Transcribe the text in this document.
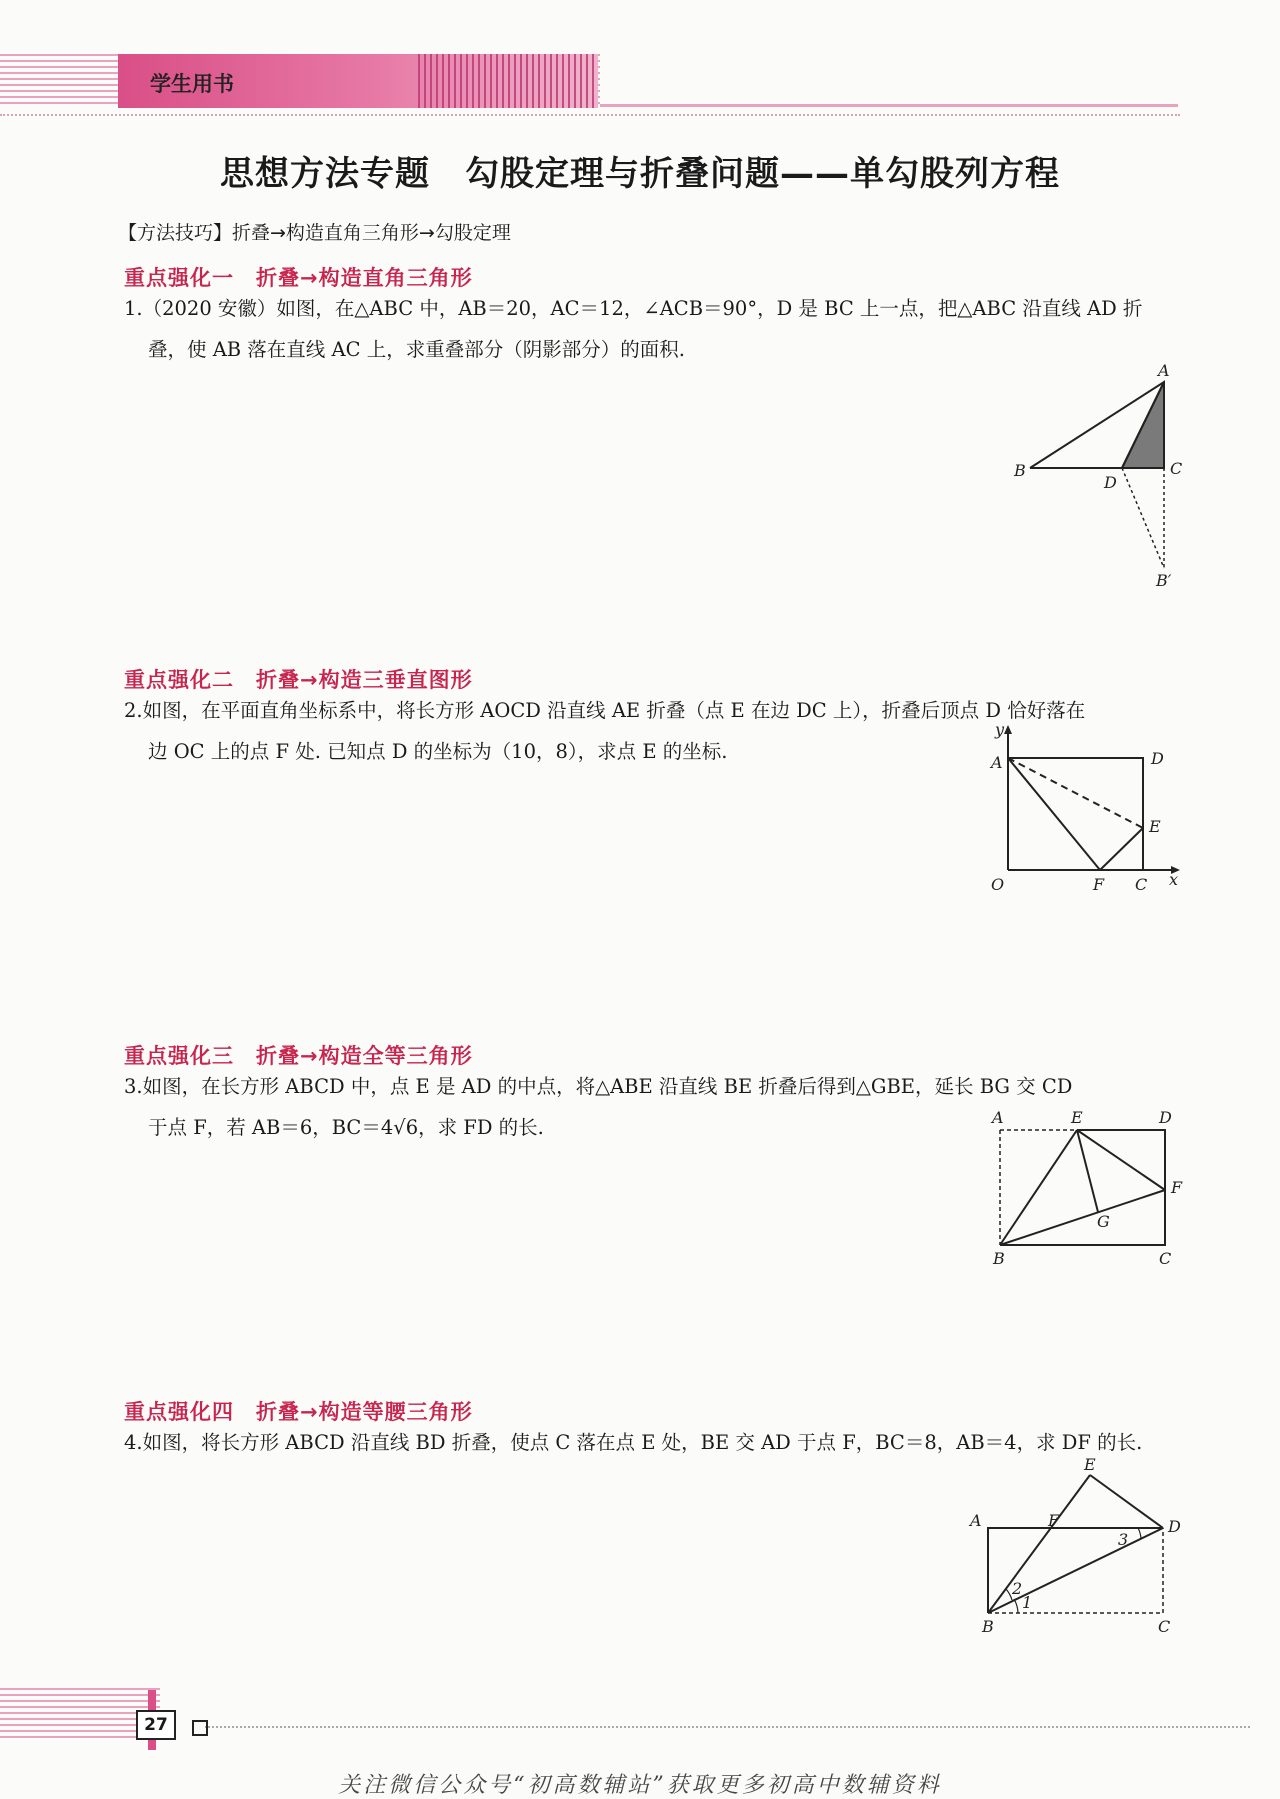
学生用书
思想方法专题　勾股定理与折叠问题——单勾股列方程
【方法技巧】折叠→构造直角三角形→勾股定理
重点强化一　折叠→构造直角三角形
1.（2020 安徽）如图，在△ABC 中，AB＝20，AC＝12，∠ACB＝90°，D 是 BC 上一点，把△ABC 沿直线 AD 折
叠，使 AB 落在直线 AC 上，求重叠部分（阴影部分）的面积.
A
B	C
D
B′
重点强化二　折叠→构造三垂直图形
2.如图，在平面直角坐标系中，将长方形 AOCD 沿直线 AE 折叠（点 E 在边 DC 上），折叠后顶点 D 恰好落在
边 OC 上的点 F 处. 已知点 D 的坐标为（10，8），求点 E 的坐标.
y
A	D
E
O	F C x
重点强化三　折叠→构造全等三角形
3.如图，在长方形 ABCD 中，点 E 是 AD 的中点，将△ABE 沿直线 BE 折叠后得到△GBE，延长 BG 交 CD
于点 F，若 AB＝6，BC＝4√6，求 FD 的长.	A	E	D
F
G
B	C
重点强化四　折叠→构造等腰三角形
4.如图，将长方形 ABCD 沿直线 BD 折叠，使点 C 落在点 E 处，BE 交 AD 于点 F，BC＝8，AB＝4，求 DF 的长.
E
A	F	D
3
2
1
B	C
27
关注微信公众号“初高数辅站”获取更多初高中数辅资料
